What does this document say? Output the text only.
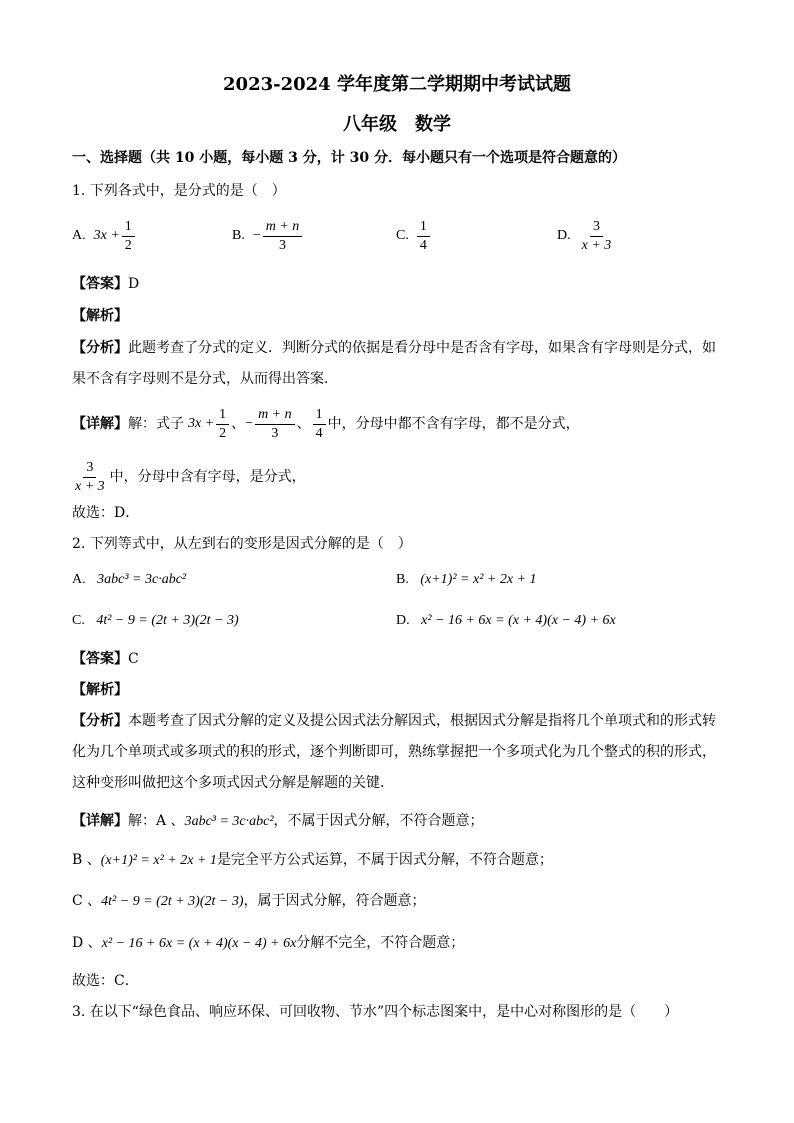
2023-2024 学年度第二学期期中考试试题
八年级　数学
一、选择题（共 10 小题，每小题 3 分，计 30 分．每小题只有一个选项是符合题意的）
1. 下列各式中，是分式的是（　）
A. $3x + \frac{1}{2}$	B. − $\frac{m + n}{3}$	C. $\frac{1}{4}$	D. $\frac{3}{x + 3}$
【答案】D
【解析】
【分析】此题考查了分式的定义．判断分式的依据是看分母中是否含有字母，如果含有字母则是分式，如
果不含有字母则不是分式，从而得出答案．
【详解】 解：式子 $3x + \frac{1}{2}$ 、 − $\frac{m + n}{3}$ 、 $\frac{1}{4}$ 中，分母中都不含有字母，都不是分式，
$\frac{3}{x + 3}$ 中，分母中含有字母，是分式，
故选：D．
2. 下列等式中，从左到右的变形是因式分解的是（　）
A. 3abc³ = 3c·abc²	B. (x+1)² = x² + 2x + 1
C. 4t² − 9 = (2t + 3)(2t − 3)	D. x² − 16 + 6x = (x + 4)(x − 4) + 6x
【答案】C
【解析】
【分析】本题考查了因式分解的定义及提公因式法分解因式，根据因式分解是指将几个单项式和的形式转
化为几个单项式或多项式的积的形式，逐个判断即可，熟练掌握把一个多项式化为几个整式的积的形式，
这种变形叫做把这个多项式因式分解是解题的关键．
【详解】解：A 、3abc³ = 3c·abc²，不属于因式分解，不符合题意；
B 、(x+1)² = x² + 2x + 1是完全平方公式运算，不属于因式分解，不符合题意；
C 、4t² − 9 = (2t + 3)(2t − 3)，属于因式分解，符合题意；
D 、x² − 16 + 6x = (x + 4)(x − 4) + 6x分解不完全，不符合题意；
故选：C．
3. 在以下“绿色食品、响应环保、可回收物、节水”四个标志图案中，是中心对称图形的是（　　）
